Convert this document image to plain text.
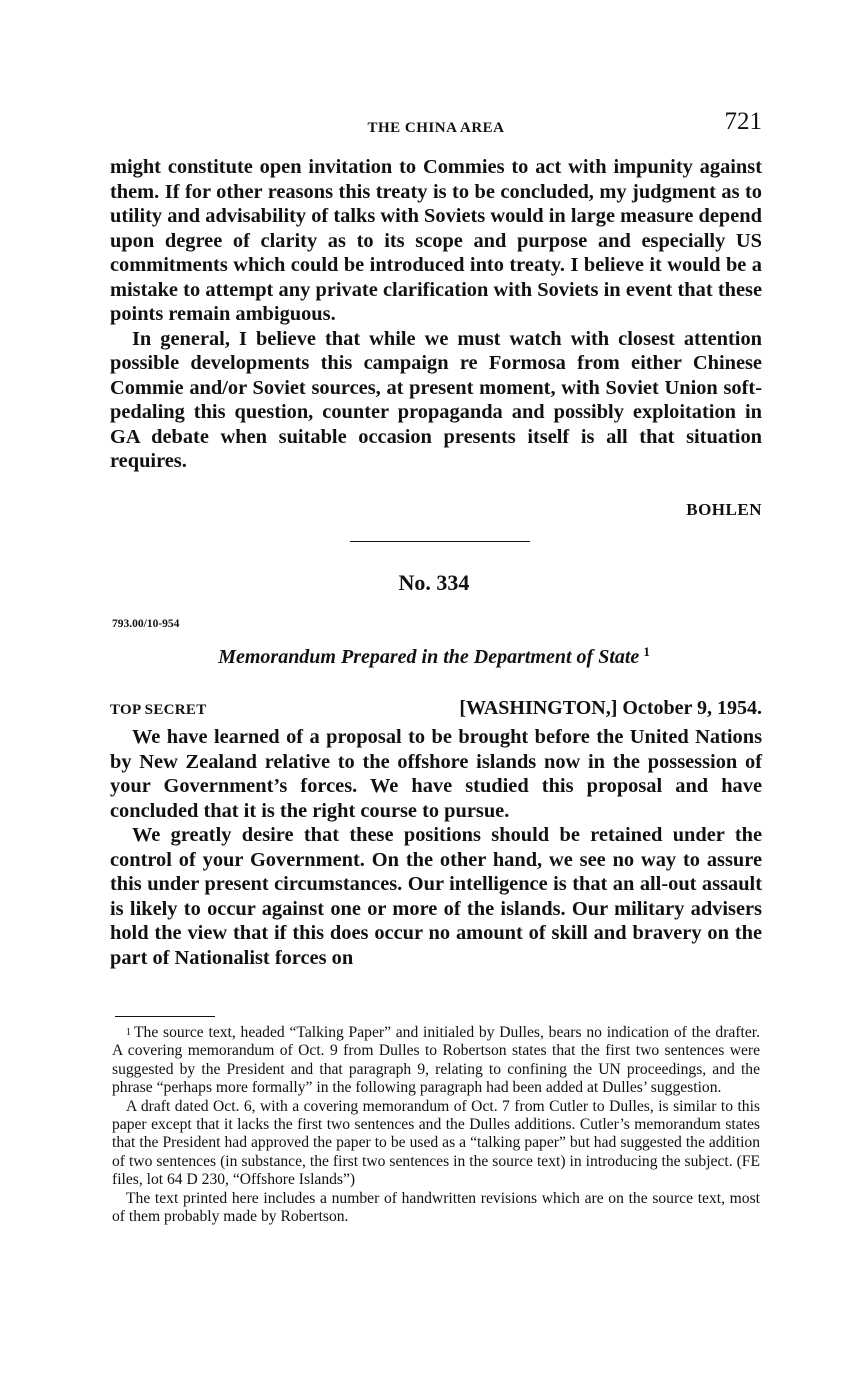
THE CHINA AREA	721

might constitute open invitation to Commies to act with impunity against them. If for other reasons this treaty is to be concluded, my judgment as to utility and advisability of talks with Soviets would in large measure depend upon degree of clarity as to its scope and purpose and especially US commitments which could be introduced into treaty. I believe it would be a mistake to attempt any private clarification with Soviets in event that these points remain ambiguous.

In general, I believe that while we must watch with closest attention possible developments this campaign re Formosa from either Chinese Commie and/or Soviet sources, at present moment, with Soviet Union soft-pedaling this question, counter propaganda and possibly exploitation in GA debate when suitable occasion presents itself is all that situation requires.

BOHLEN
No. 334
793.00/10-954
Memorandum Prepared in the Department of State $^1$
TOP SECRET	[WASHINGTON,] October 9, 1954.

We have learned of a proposal to be brought before the United Nations by New Zealand relative to the offshore islands now in the possession of your Government’s forces. We have studied this proposal and have concluded that it is the right course to pursue.

We greatly desire that these positions should be retained under the control of your Government. On the other hand, we see no way to assure this under present circumstances. Our intelligence is that an all-out assault is likely to occur against one or more of the islands. Our military advisers hold the view that if this does occur no amount of skill and bravery on the part of Nationalist forces on

$^1$ The source text, headed “Talking Paper” and initialed by Dulles, bears no indication of the drafter. A covering memorandum of Oct. 9 from Dulles to Robertson states that the first two sentences were suggested by the President and that paragraph 9, relating to confining the UN proceedings, and the phrase “perhaps more formally” in the following paragraph had been added at Dulles’ suggestion.

A draft dated Oct. 6, with a covering memorandum of Oct. 7 from Cutler to Dulles, is similar to this paper except that it lacks the first two sentences and the Dulles additions. Cutler’s memorandum states that the President had approved the paper to be used as a “talking paper” but had suggested the addition of two sentences (in substance, the first two sentences in the source text) in introducing the subject. (FE files, lot 64 D 230, “Offshore Islands”)

The text printed here includes a number of handwritten revisions which are on the source text, most of them probably made by Robertson.
